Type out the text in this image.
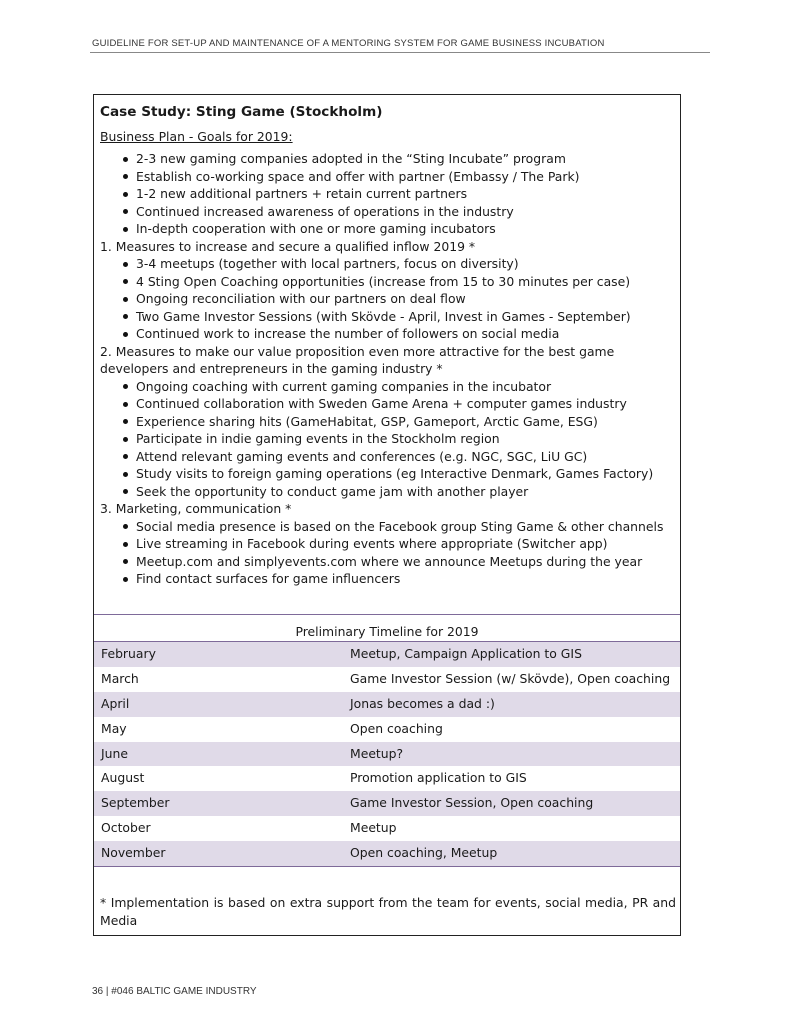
GUIDELINE FOR SET-UP AND MAINTENANCE OF A MENTORING SYSTEM FOR GAME BUSINESS INCUBATION
Case Study: Sting Game (Stockholm)
Business Plan - Goals for 2019:
2-3 new gaming companies adopted in the “Sting Incubate” program
Establish co-working space and offer with partner (Embassy / The Park)
1-2 new additional partners + retain current partners
Continued increased awareness of operations in the industry
In-depth cooperation with one or more gaming incubators
1. Measures to increase and secure a qualified inflow 2019 *
3-4 meetups (together with local partners, focus on diversity)
4 Sting Open Coaching opportunities (increase from 15 to 30 minutes per case)
Ongoing reconciliation with our partners on deal flow
Two Game Investor Sessions (with Skövde - April, Invest in Games - September)
Continued work to increase the number of followers on social media
2. Measures to make our value proposition even more attractive for the best game developers and entrepreneurs in the gaming industry *
Ongoing coaching with current gaming companies in the incubator
Continued collaboration with Sweden Game Arena + computer games industry
Experience sharing hits (GameHabitat, GSP, Gameport, Arctic Game, ESG)
Participate in indie gaming events in the Stockholm region
Attend relevant gaming events and conferences (e.g. NGC, SGC, LiU GC)
Study visits to foreign gaming operations (eg Interactive Denmark, Games Factory)
Seek the opportunity to conduct game jam with another player
3. Marketing, communication *
Social media presence is based on the Facebook group Sting Game & other channels
Live streaming in Facebook during events where appropriate (Switcher app)
Meetup.com and simplyevents.com where we announce Meetups during the year
Find contact surfaces for game influencers
Preliminary Timeline for 2019
February	Meetup, Campaign Application to GIS
March	Game Investor Session (w/ Skövde), Open coaching
April	Jonas becomes a dad :)
May	Open coaching
June	Meetup?
August	Promotion application to GIS
September	Game Investor Session, Open coaching
October	Meetup
November	Open coaching, Meetup
* Implementation is based on extra support from the team for events, social media, PR and Media
36 | #046 BALTIC GAME INDUSTRY
